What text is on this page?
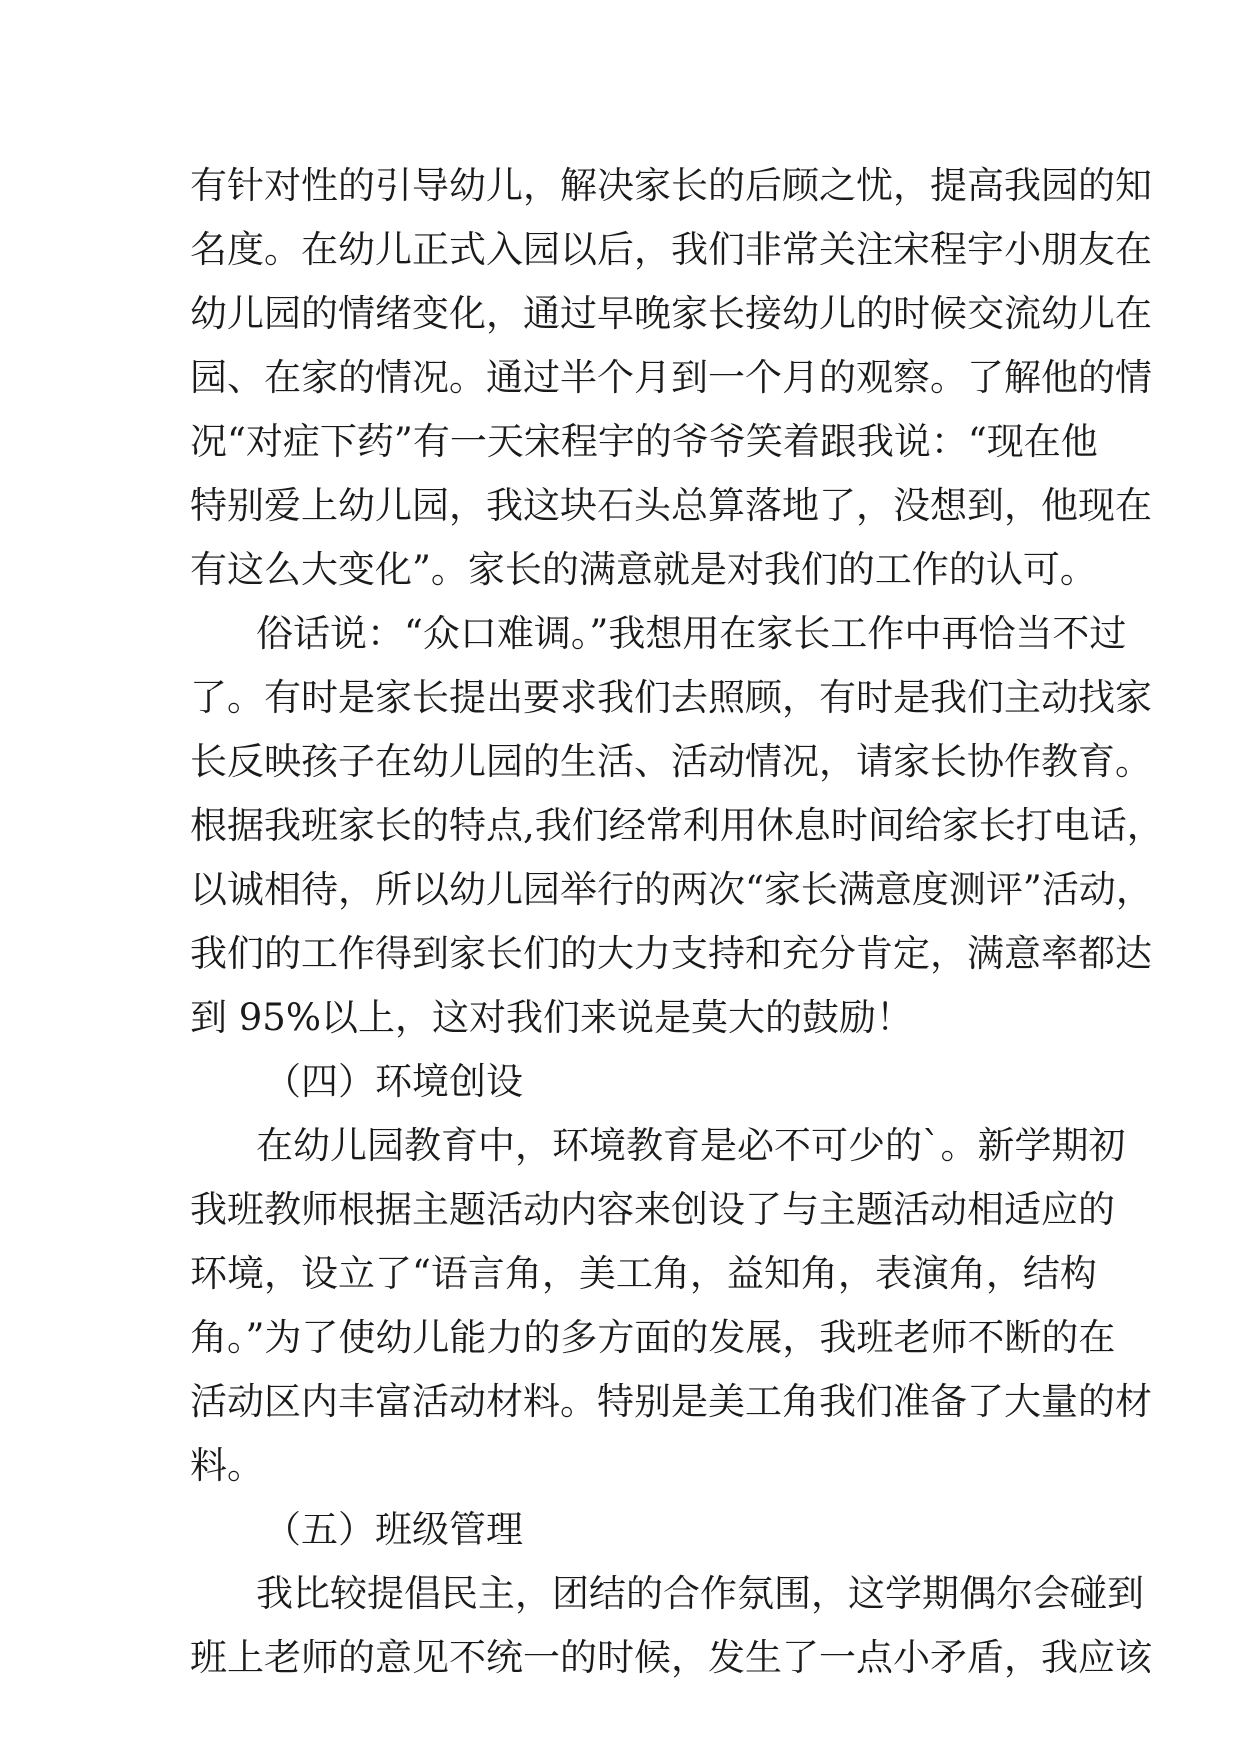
有针对性的引导幼儿，解决家长的后顾之忧，提高我园的知
名度。在幼儿正式入园以后，我们非常关注宋程宇小朋友在
幼儿园的情绪变化，通过早晚家长接幼儿的时候交流幼儿在
园、在家的情况。通过半个月到一个月的观察。了解他的情
况“对症下药”有一天宋程宇的爷爷笑着跟我说：“现在他
特别爱上幼儿园，我这块石头总算落地了，没想到，他现在
有这么大变化”。家长的满意就是对我们的工作的认可。
俗话说：“众口难调。”我想用在家长工作中再恰当不过
了。有时是家长提出要求我们去照顾，有时是我们主动找家
长反映孩子在幼儿园的生活、活动情况，请家长协作教育。
根据我班家长的特点,我们经常利用休息时间给家长打电话，
以诚相待，所以幼儿园举行的两次“家长满意度测评”活动，
我们的工作得到家长们的大力支持和充分肯定，满意率都达
到 95%以上，这对我们来说是莫大的鼓励！
（四）环境创设
在幼儿园教育中，环境教育是必不可少的`。新学期初
我班教师根据主题活动内容来创设了与主题活动相适应的
环境，设立了“语言角，美工角，益知角，表演角，结构
角。”为了使幼儿能力的多方面的发展，我班老师不断的在
活动区内丰富活动材料。特别是美工角我们准备了大量的材
料。
（五）班级管理
我比较提倡民主，团结的合作氛围，这学期偶尔会碰到
班上老师的意见不统一的时候，发生了一点小矛盾，我应该
